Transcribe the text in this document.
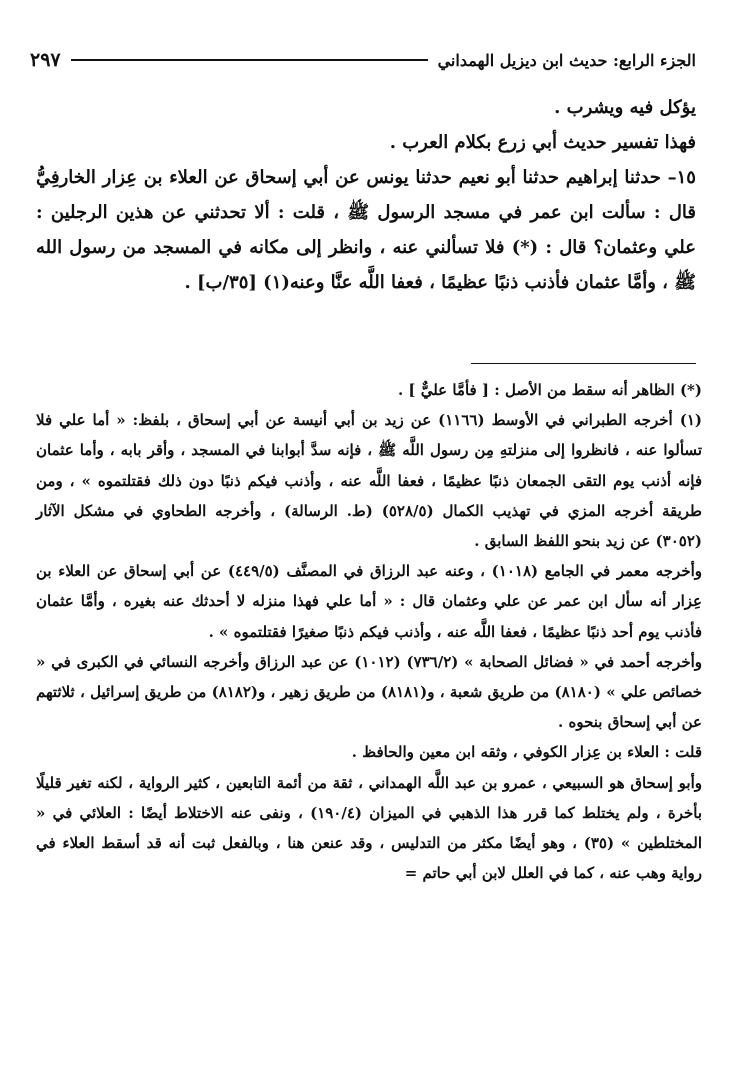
الجزء الرابع: حديث ابن ديزيل الهمداني
٢٩٧

يؤكل فيه ويشرب .

فهذا تفسير حديث أبي زرع بكلام العرب .

١٥– حدثنا إبراهيم حدثنا أبو نعيم حدثنا يونس عن أبي إسحاق عن العلاء بن عِزار الخارفِيُّ قال : سألت ابن عمر في مسجد الرسول ﷺ ، قلت : ألا تحدثني عن هذين الرجلين : علي وعثمان؟ قال : (*) فلا تسألني عنه ، وانظر إلى مكانه في المسجد من رسول الله ﷺ ، وأمَّا عثمان فأذنب ذنبًا عظيمًا ، فعفا اللَّه عنَّا وعنه(١) [٣٥/ب] .

(*) الظاهر أنه سقط من الأصل : [ فأمَّا عليٌّ ] .

(١) أخرجه الطبراني في الأوسط (١١٦٦) عن زيد بن أبي أنيسة عن أبي إسحاق ، بلفظ: « أما علي فلا تسألوا عنه ، فانظروا إلى منزلتهِ مِن رسول اللَّه ﷺ ، فإنه سدَّ أبوابنا في المسجد ، وأقر بابه ، وأما عثمان فإنه أذنب يوم التقى الجمعان ذنبًا عظيمًا ، فعفا اللَّه عنه ، وأذنب فيكم ذنبًا دون ذلك فقتلتموه » ، ومن طريقة أخرجه المزي في تهذيب الكمال (٥٢٨/٥) (ط. الرسالة) ، وأخرجه الطحاوي في مشكل الآثار (٣٠٥٢) عن زيد بنحو اللفظ السابق .

وأخرجه معمر في الجامع (١٠١٨) ، وعنه عبد الرزاق في المصنَّف (٤٤٩/٥) عن أبي إسحاق عن العلاء بن عِزار أنه سأل ابن عمر عن علي وعثمان قال : « أما علي فهذا منزله لا أحدثك عنه بغيره ، وأمَّا عثمان فأذنب يوم أحد ذنبًا عظيمًا ، فعفا اللَّه عنه ، وأذنب فيكم ذنبًا صغيرًا فقتلتموه » .

وأخرجه أحمد في « فضائل الصحابة » (٧٣٦/٢) (١٠١٢) عن عبد الرزاق وأخرجه النسائي في الكبرى في « خصائص علي » (٨١٨٠) من طريق شعبة ، و(٨١٨١) من طريق زهير ، و(٨١٨٢) من طريق إسرائيل ، ثلاثتهم عن أبي إسحاق بنحوه .

قلت : العلاء بن عِزار الكوفي ، وثقه ابن معين والحافظ .

وأبو إسحاق هو السبيعي ، عمرو بن عبد اللَّه الهمداني ، ثقة من أئمة التابعين ، كثير الرواية ، لكنه تغير قليلًا بأخرة ، ولم يختلط كما قرر هذا الذهبي في الميزان (١٩٠/٤) ، ونفى عنه الاختلاط أيضًا : العلائي في « المختلطين » (٣٥) ، وهو أيضًا مكثر من التدليس ، وقد عنعن هنا ، وبالفعل ثبت أنه قد أسقط العلاء في رواية وهب عنه ، كما في العلل لابن أبي حاتم =
